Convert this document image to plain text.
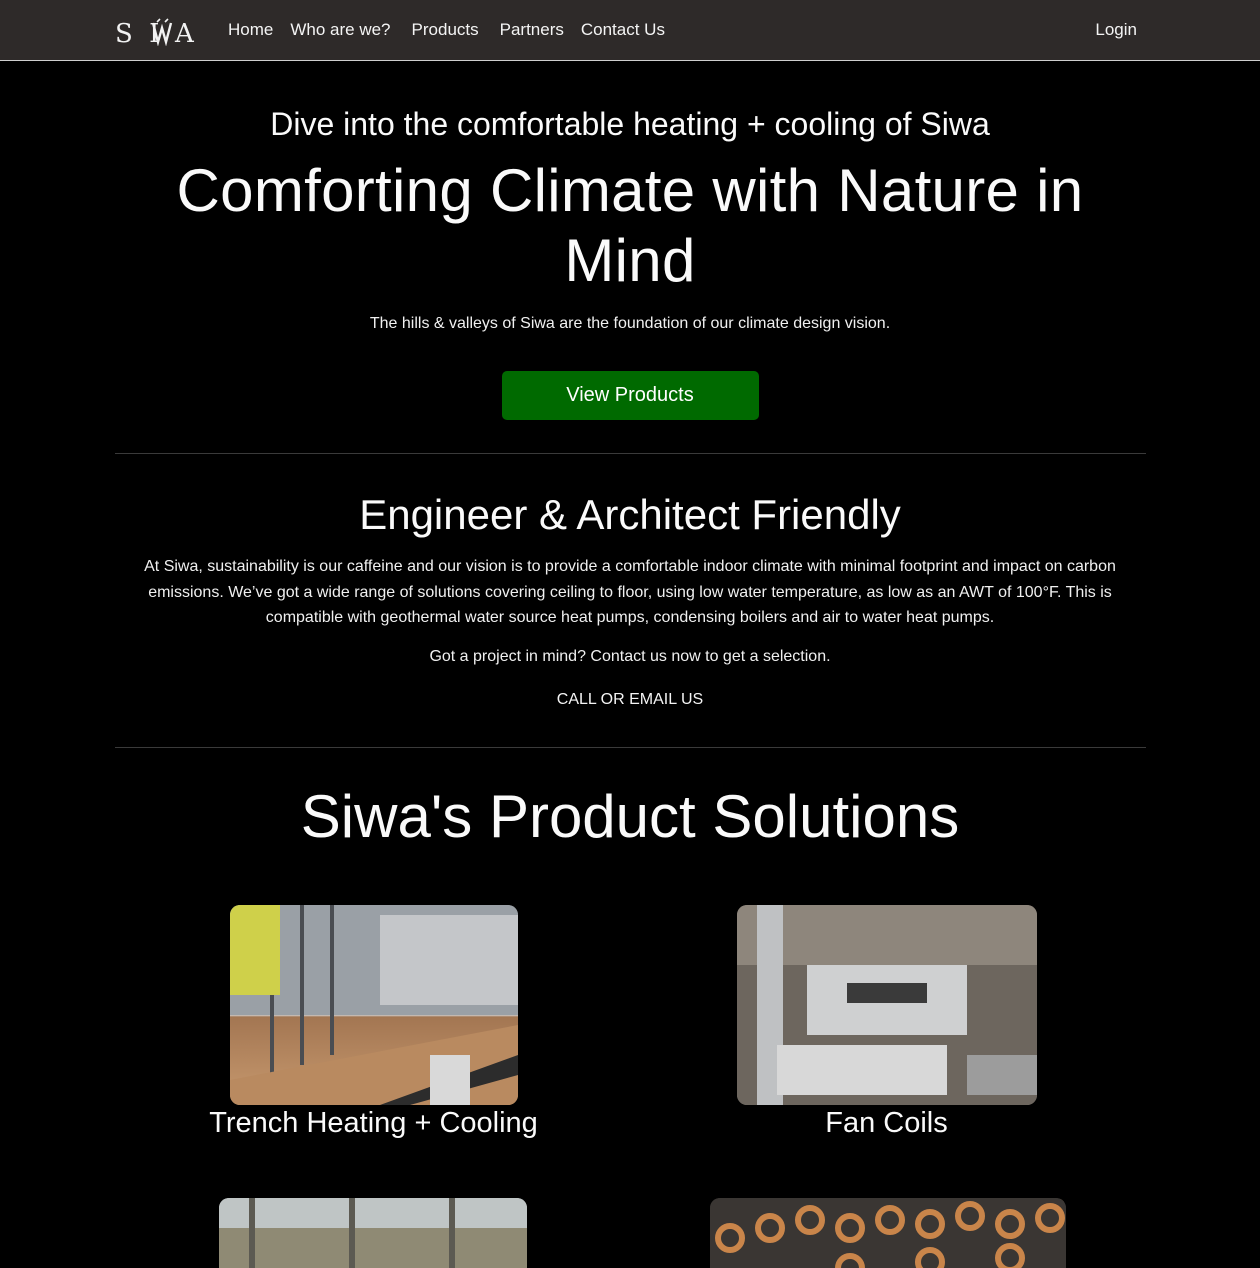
S I A Home Who are we? Products Partners Contact Us	Login
Dive into the comfortable heating + cooling of Siwa
Comforting Climate with Nature in Mind

The hills & valleys of Siwa are the foundation of our climate design vision.

View Products
Engineer & Architect Friendly

At Siwa, sustainability is our caffeine and our vision is to provide a comfortable indoor climate with minimal footprint and impact on carbon emissions. We’ve got a wide range of solutions covering ceiling to floor, using low water temperature, as low as an AWT of 100°F. This is compatible with geothermal water source heat pumps, condensing boilers and air to water heat pumps.

Got a project in mind? Contact us now to get a selection.

CALL OR EMAIL US
Siwa's Product Solutions
Trench Heating + Cooling	Fan Coils
